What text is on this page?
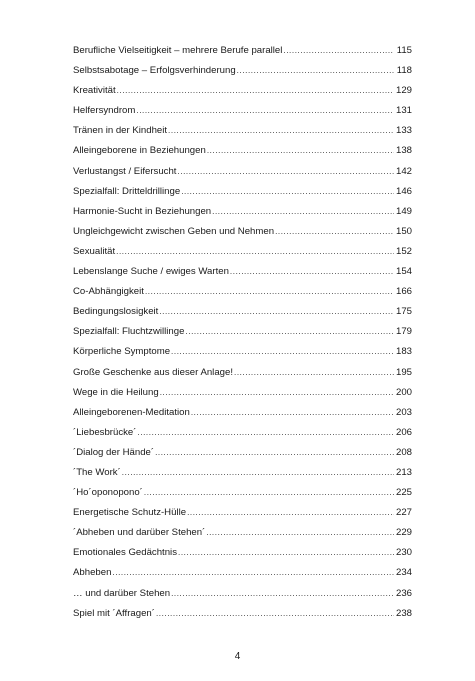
Berufliche Vielseitigkeit – mehrere Berufe parallel .....	115
Selbstsabotage – Erfolgsverhinderung .....	118
Kreativität .....	129
Helfersyndrom .....	131
Tränen in der Kindheit .....	133
Alleingeborene in Beziehungen .....	138
Verlustangst / Eifersucht .....	142
Spezialfall: Dritteldrillinge .....	146
Harmonie-Sucht in Beziehungen .....	149
Ungleichgewicht zwischen Geben und Nehmen .....	150
Sexualität .....	152
Lebenslange Suche / ewiges Warten .....	154
Co-Abhängigkeit .....	166
Bedingungslosigkeit .....	175
Spezialfall: Fluchtzwillinge .....	179
Körperliche Symptome .....	183
Große Geschenke aus dieser Anlage! .....	195
Wege in die Heilung .....	200
Alleingeborenen-Meditation .....	203
´Liebesbrücke´ .....	206
´Dialog der Hände´ .....	208
´The Work´ .....	213
´Ho´oponopono´ .....	225
Energetische Schutz-Hülle .....	227
´Abheben und darüber Stehen´ .....	229
Emotionales Gedächtnis .....	230
Abheben .....	234
… und darüber Stehen .....	236
Spiel mit ´Affragen´ .....	238
4
